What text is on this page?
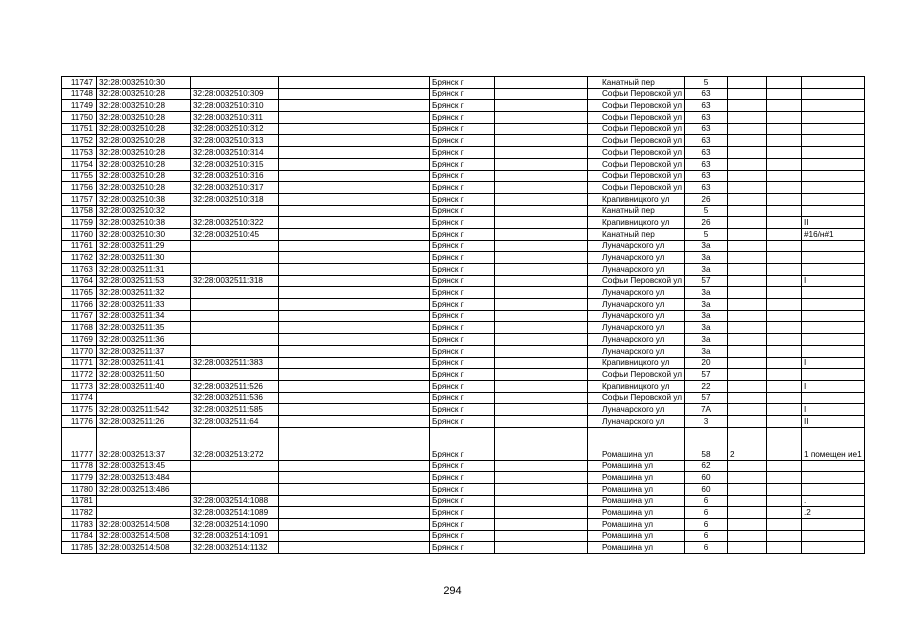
11747	32:28:0032510:30			Брянск г		Канатный пер	5			
11748	32:28:0032510:28	32:28:0032510:309		Брянск г		Софьи Перовской ул	63			
11749	32:28:0032510:28	32:28:0032510:310		Брянск г		Софьи Перовской ул	63			
11750	32:28:0032510:28	32:28:0032510:311		Брянск г		Софьи Перовской ул	63			
11751	32:28:0032510:28	32:28:0032510:312		Брянск г		Софьи Перовской ул	63			
11752	32:28:0032510:28	32:28:0032510:313		Брянск г		Софьи Перовской ул	63			
11753	32:28:0032510:28	32:28:0032510:314		Брянск г		Софьи Перовской ул	63			
11754	32:28:0032510:28	32:28:0032510:315		Брянск г		Софьи Перовской ул	63			
11755	32:28:0032510:28	32:28:0032510:316		Брянск г		Софьи Перовской ул	63			
11756	32:28:0032510:28	32:28:0032510:317		Брянск г		Софьи Перовской ул	63			
11757	32:28:0032510:38	32:28:0032510:318		Брянск г		Крапивницкого ул	26			
11758	32:28:0032510:32			Брянск г		Канатный пер	5			
11759	32:28:0032510:38	32:28:0032510:322		Брянск г		Крапивницкого ул	26			II
11760	32:28:0032510:30	32:28:0032510:45		Брянск г		Канатный пер	5			#16/н#1
11761	32:28:0032511:29			Брянск г		Луначарского ул	3а			
11762	32:28:0032511:30			Брянск г		Луначарского ул	3а			
11763	32:28:0032511:31			Брянск г		Луначарского ул	3а			
11764	32:28:0032511:53	32:28:0032511:318		Брянск г		Софьи Перовской ул	57			I
11765	32:28:0032511:32			Брянск г		Луначарского ул	3а			
11766	32:28:0032511:33			Брянск г		Луначарского ул	3а			
11767	32:28:0032511:34			Брянск г		Луначарского ул	3а			
11768	32:28:0032511:35			Брянск г		Луначарского ул	3а			
11769	32:28:0032511:36			Брянск г		Луначарского ул	3а			
11770	32:28:0032511:37			Брянск г		Луначарского ул	3а			
11771	32:28:0032511:41	32:28:0032511:383		Брянск г		Крапивницкого ул	20			I
11772	32:28:0032511:50			Брянск г		Софьи Перовской ул	57			
11773	32:28:0032511:40	32:28:0032511:526		Брянск г		Крапивницкого ул	22			I
11774		32:28:0032511:536		Брянск г		Софьи Перовской ул	57			
11775	32:28:0032511:542	32:28:0032511:585		Брянск г		Луначарского ул	7А			I
11776	32:28:0032511:26	32:28:0032511:64		Брянск г		Луначарского ул	3			II
11777	32:28:0032513:37	32:28:0032513:272		Брянск г		Ромашина ул	58	2		1 помещен ие1
11778	32:28:0032513:45			Брянск г		Ромашина ул	62			
11779	32:28:0032513:484			Брянск г		Ромашина ул	60			
11780	32:28:0032513:486			Брянск г		Ромашина ул	60			
11781		32:28:0032514:1088		Брянск г		Ромашина ул	6			.
11782		32:28:0032514:1089		Брянск г		Ромашина ул	6			.2
11783	32:28:0032514:508	32:28:0032514:1090		Брянск г		Ромашина ул	6			
11784	32:28:0032514:508	32:28:0032514:1091		Брянск г		Ромашина ул	6			
11785	32:28:0032514:508	32:28:0032514:1132		Брянск г		Ромашина ул	6			
294
